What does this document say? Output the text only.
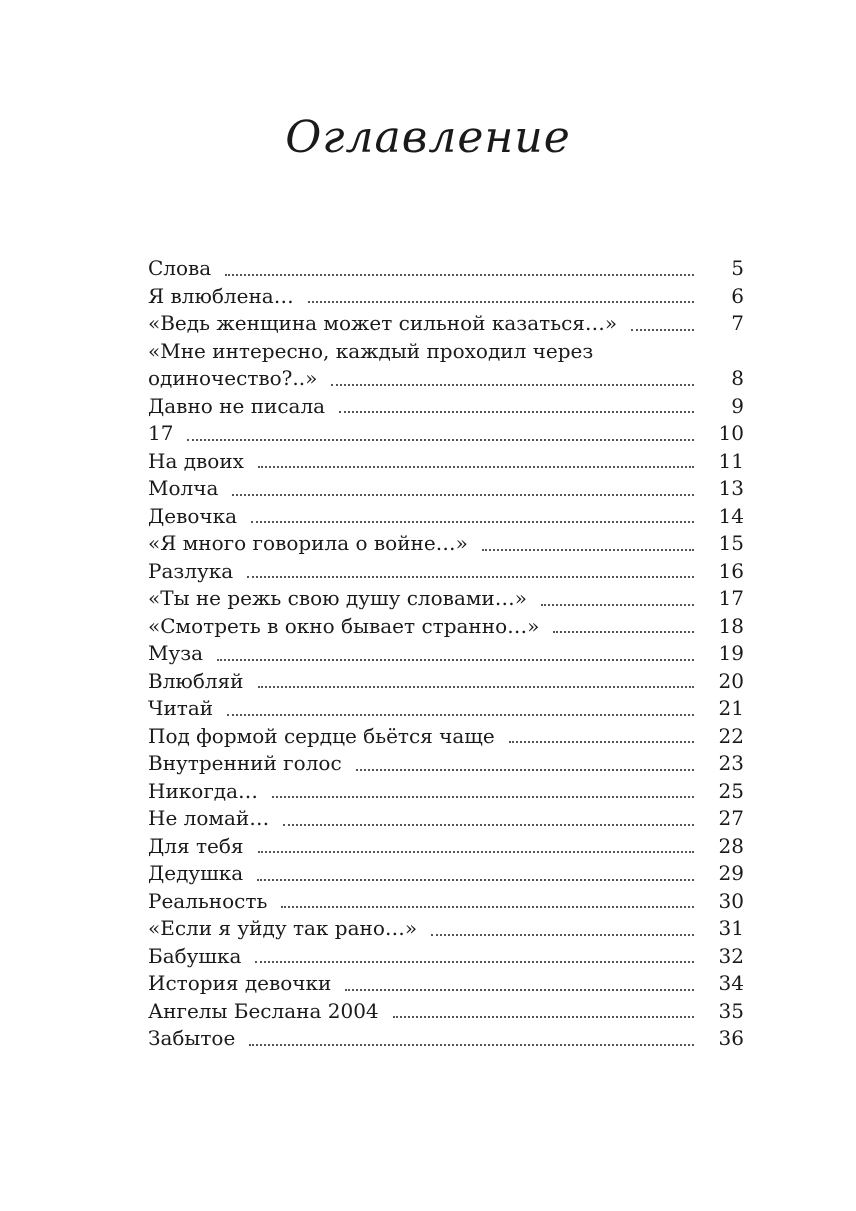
Оглавление
Слова	5
Я влюблена…	6
«Ведь женщина может сильной казаться…»	7
«Мне интересно, каждый проходил через
одиночество?..»	8
Давно не писала	9
17	10
На двоих	11
Молча	13
Девочка	14
«Я много говорила о войне…»	15
Разлука	16
«Ты не режь свою душу словами…»	17
«Смотреть в окно бывает странно…»	18
Муза	19
Влюбляй	20
Читай	21
Под формой сердце бьётся чаще	22
Внутренний голос	23
Никогда…	25
Не ломай…	27
Для тебя	28
Дедушка	29
Реальность	30
«Если я уйду так рано…»	31
Бабушка	32
История девочки	34
Ангелы Беслана 2004	35
Забытое	36
